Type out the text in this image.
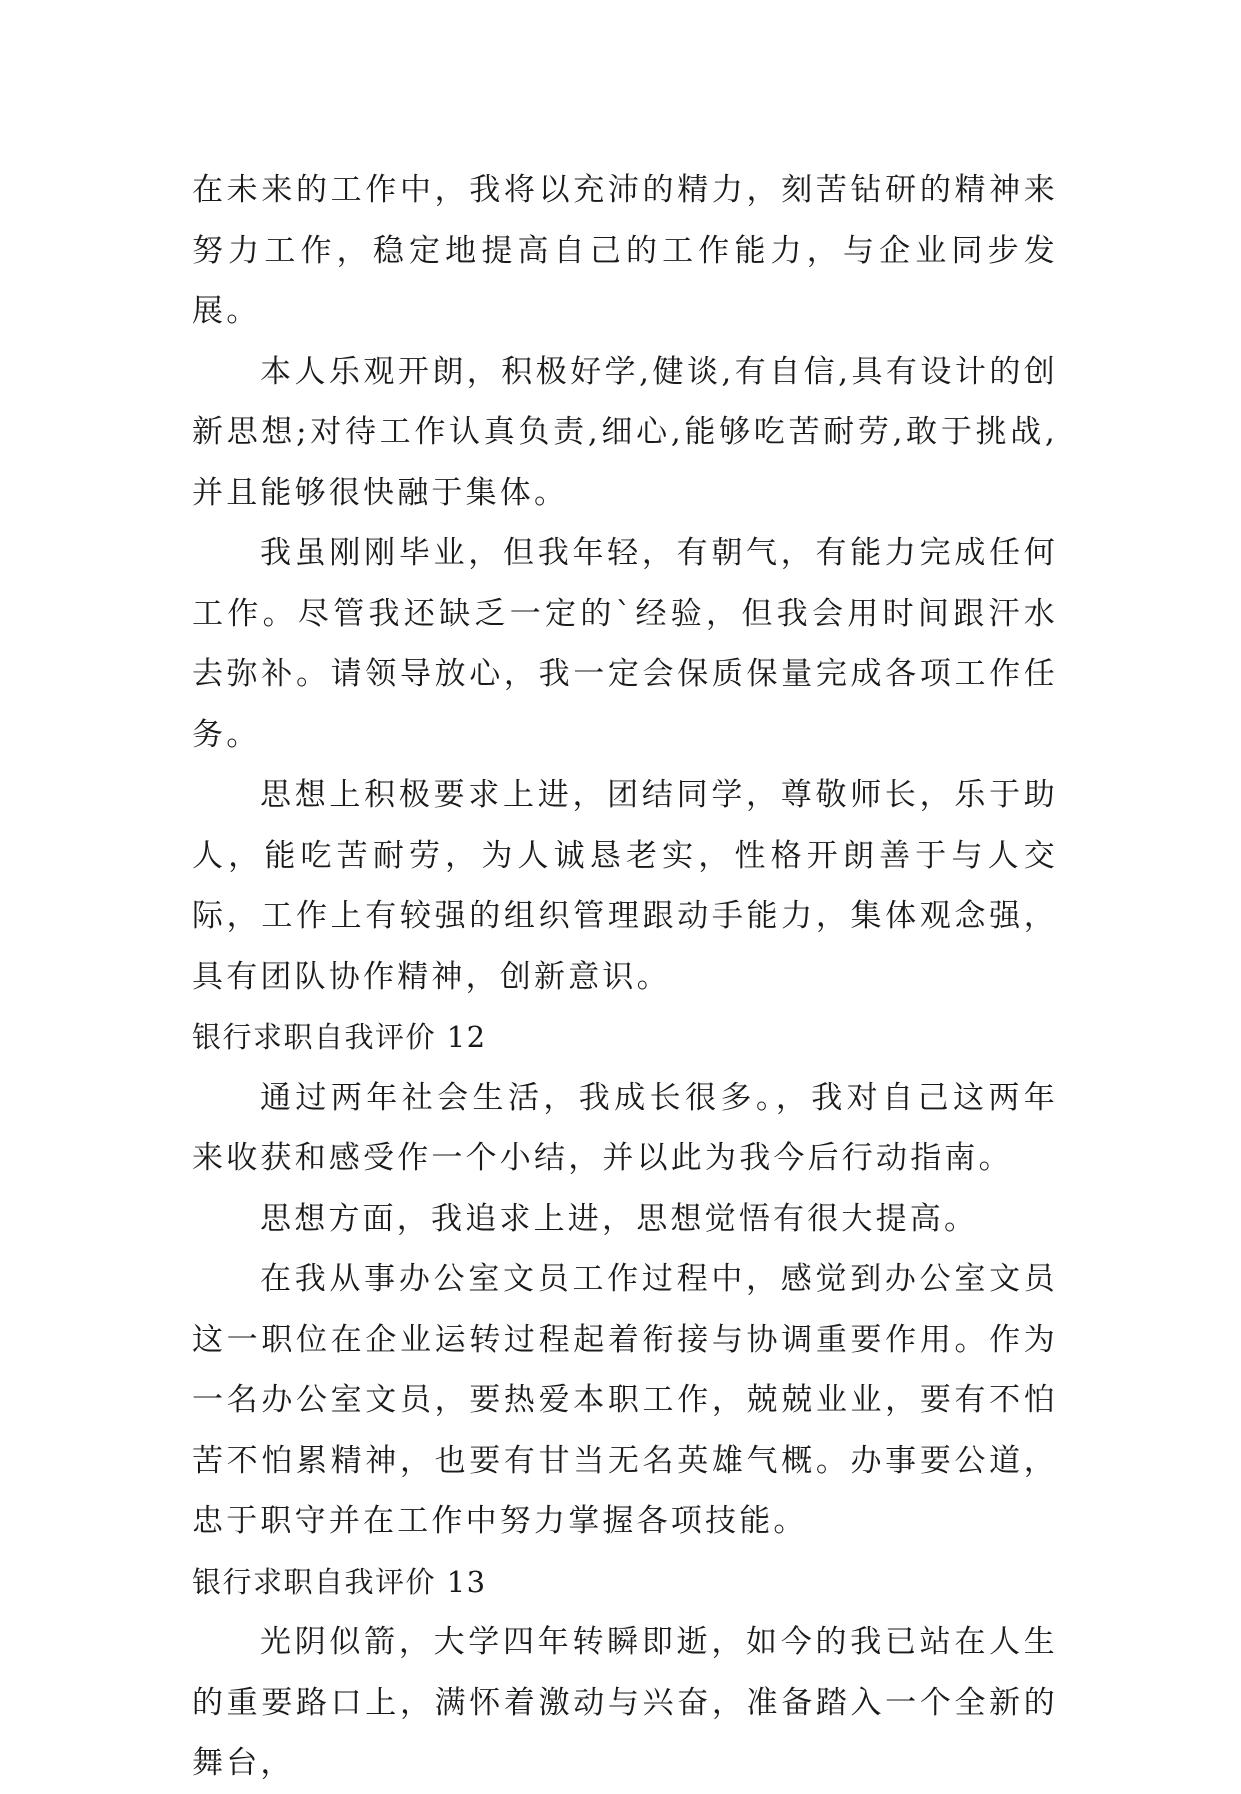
在未来的工作中，我将以充沛的精力，刻苦钻研的精神来努力工作，稳定地提高自己的工作能力，与企业同步发展。

本人乐观开朗，积极好学,健谈,有自信,具有设计的创新思想;对待工作认真负责,细心,能够吃苦耐劳,敢于挑战,并且能够很快融于集体。

我虽刚刚毕业，但我年轻，有朝气，有能力完成任何工作。尽管我还缺乏一定的`经验，但我会用时间跟汗水去弥补。请领导放心，我一定会保质保量完成各项工作任务。

思想上积极要求上进，团结同学，尊敬师长，乐于助人，能吃苦耐劳，为人诚恳老实，性格开朗善于与人交际，工作上有较强的组织管理跟动手能力，集体观念强，具有团队协作精神，创新意识。

银行求职自我评价 12

通过两年社会生活，我成长很多。，我对自己这两年来收获和感受作一个小结，并以此为我今后行动指南。

思想方面，我追求上进，思想觉悟有很大提高。

在我从事办公室文员工作过程中，感觉到办公室文员这一职位在企业运转过程起着衔接与协调重要作用。作为一名办公室文员，要热爱本职工作，兢兢业业，要有不怕苦不怕累精神，也要有甘当无名英雄气概。办事要公道，忠于职守并在工作中努力掌握各项技能。

银行求职自我评价 13

光阴似箭，大学四年转瞬即逝，如今的我已站在人生的重要路口上，满怀着激动与兴奋，准备踏入一个全新的舞台，
